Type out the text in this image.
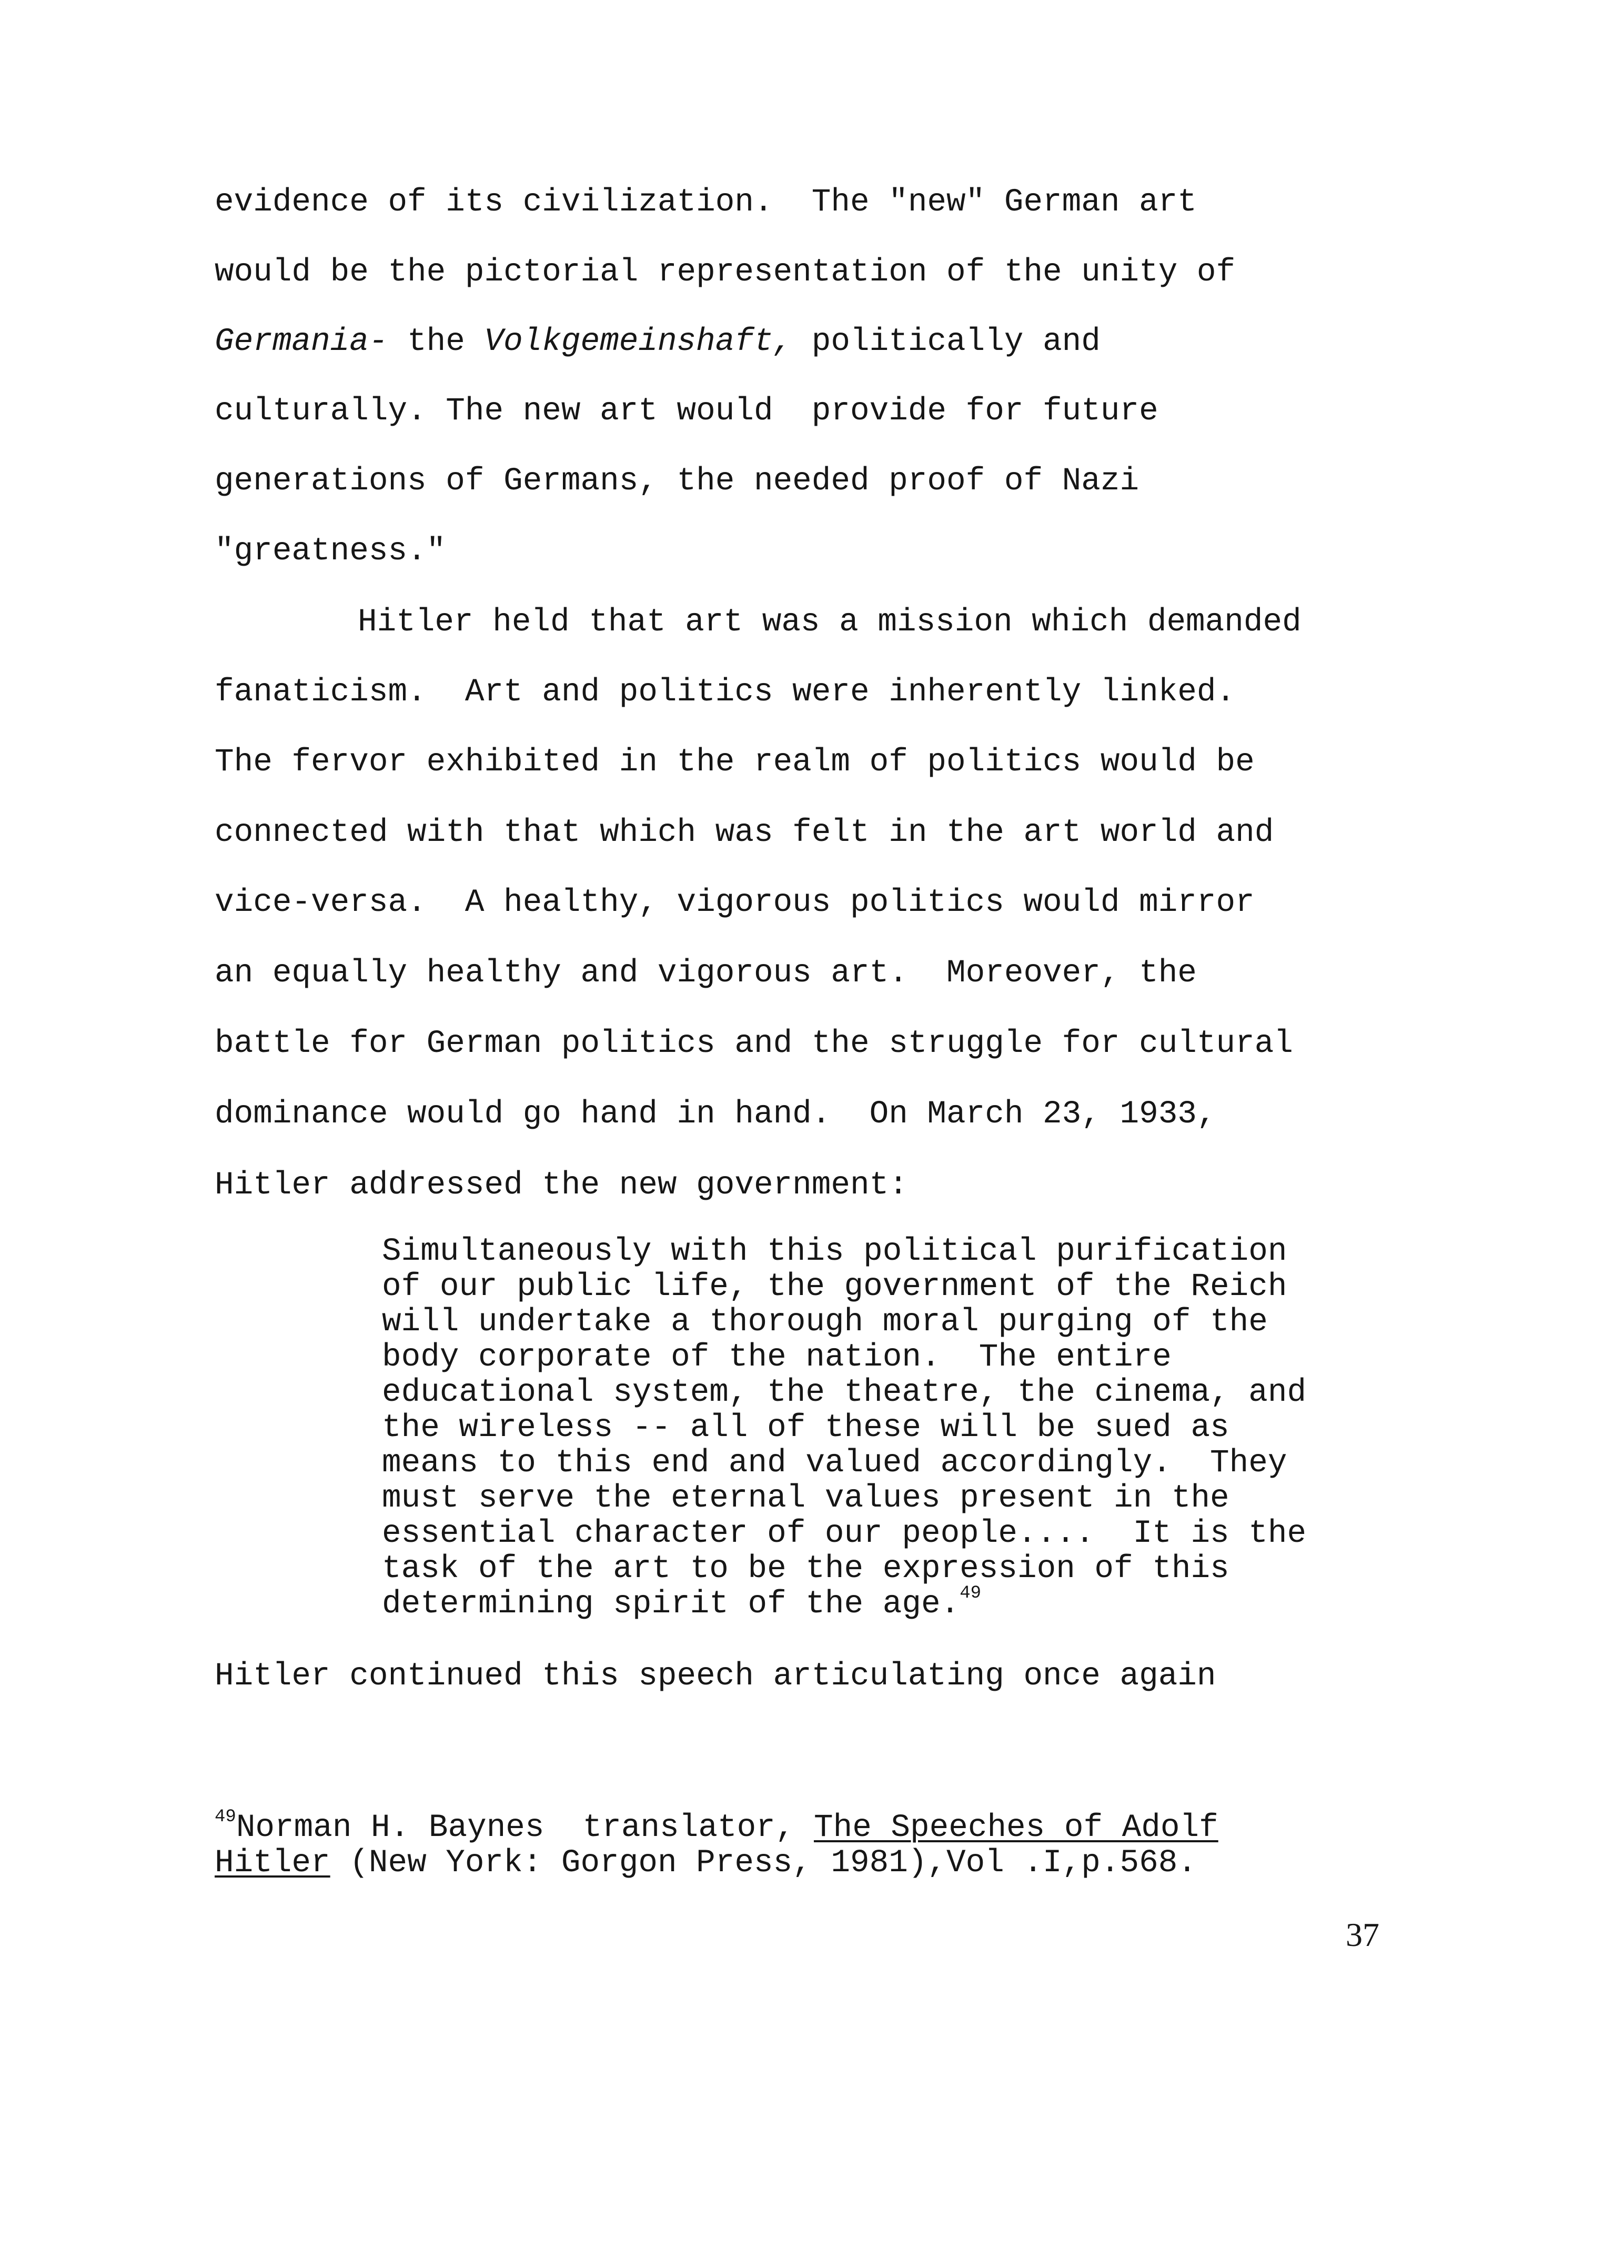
evidence of its civilization.  The "new" German art
would be the pictorial representation of the unity of
Germania- the Volkgemeinshaft, politically and
culturally. The new art would  provide for future
generations of Germans, the needed proof of Nazi
"greatness."
Hitler held that art was a mission which demanded
fanaticism.  Art and politics were inherently linked.
The fervor exhibited in the realm of politics would be
connected with that which was felt in the art world and
vice-versa.  A healthy, vigorous politics would mirror
an equally healthy and vigorous art.  Moreover, the
battle for German politics and the struggle for cultural
dominance would go hand in hand.  On March 23, 1933,
Hitler addressed the new government:
Simultaneously with this political purification
of our public life, the government of the Reich
will undertake a thorough moral purging of the
body corporate of the nation.  The entire
educational system, the theatre, the cinema, and
the wireless -- all of these will be sued as
means to this end and valued accordingly.  They
must serve the eternal values present in the
essential character of our people....  It is the
task of the art to be the expression of this
determining spirit of the age.$^{49}$
Hitler continued this speech articulating once again
$^{49}$Norman H. Baynes  translator, The Speeches of Adolf
Hitler (New York: Gorgon Press, 1981),Vol .I,p.568.
37
